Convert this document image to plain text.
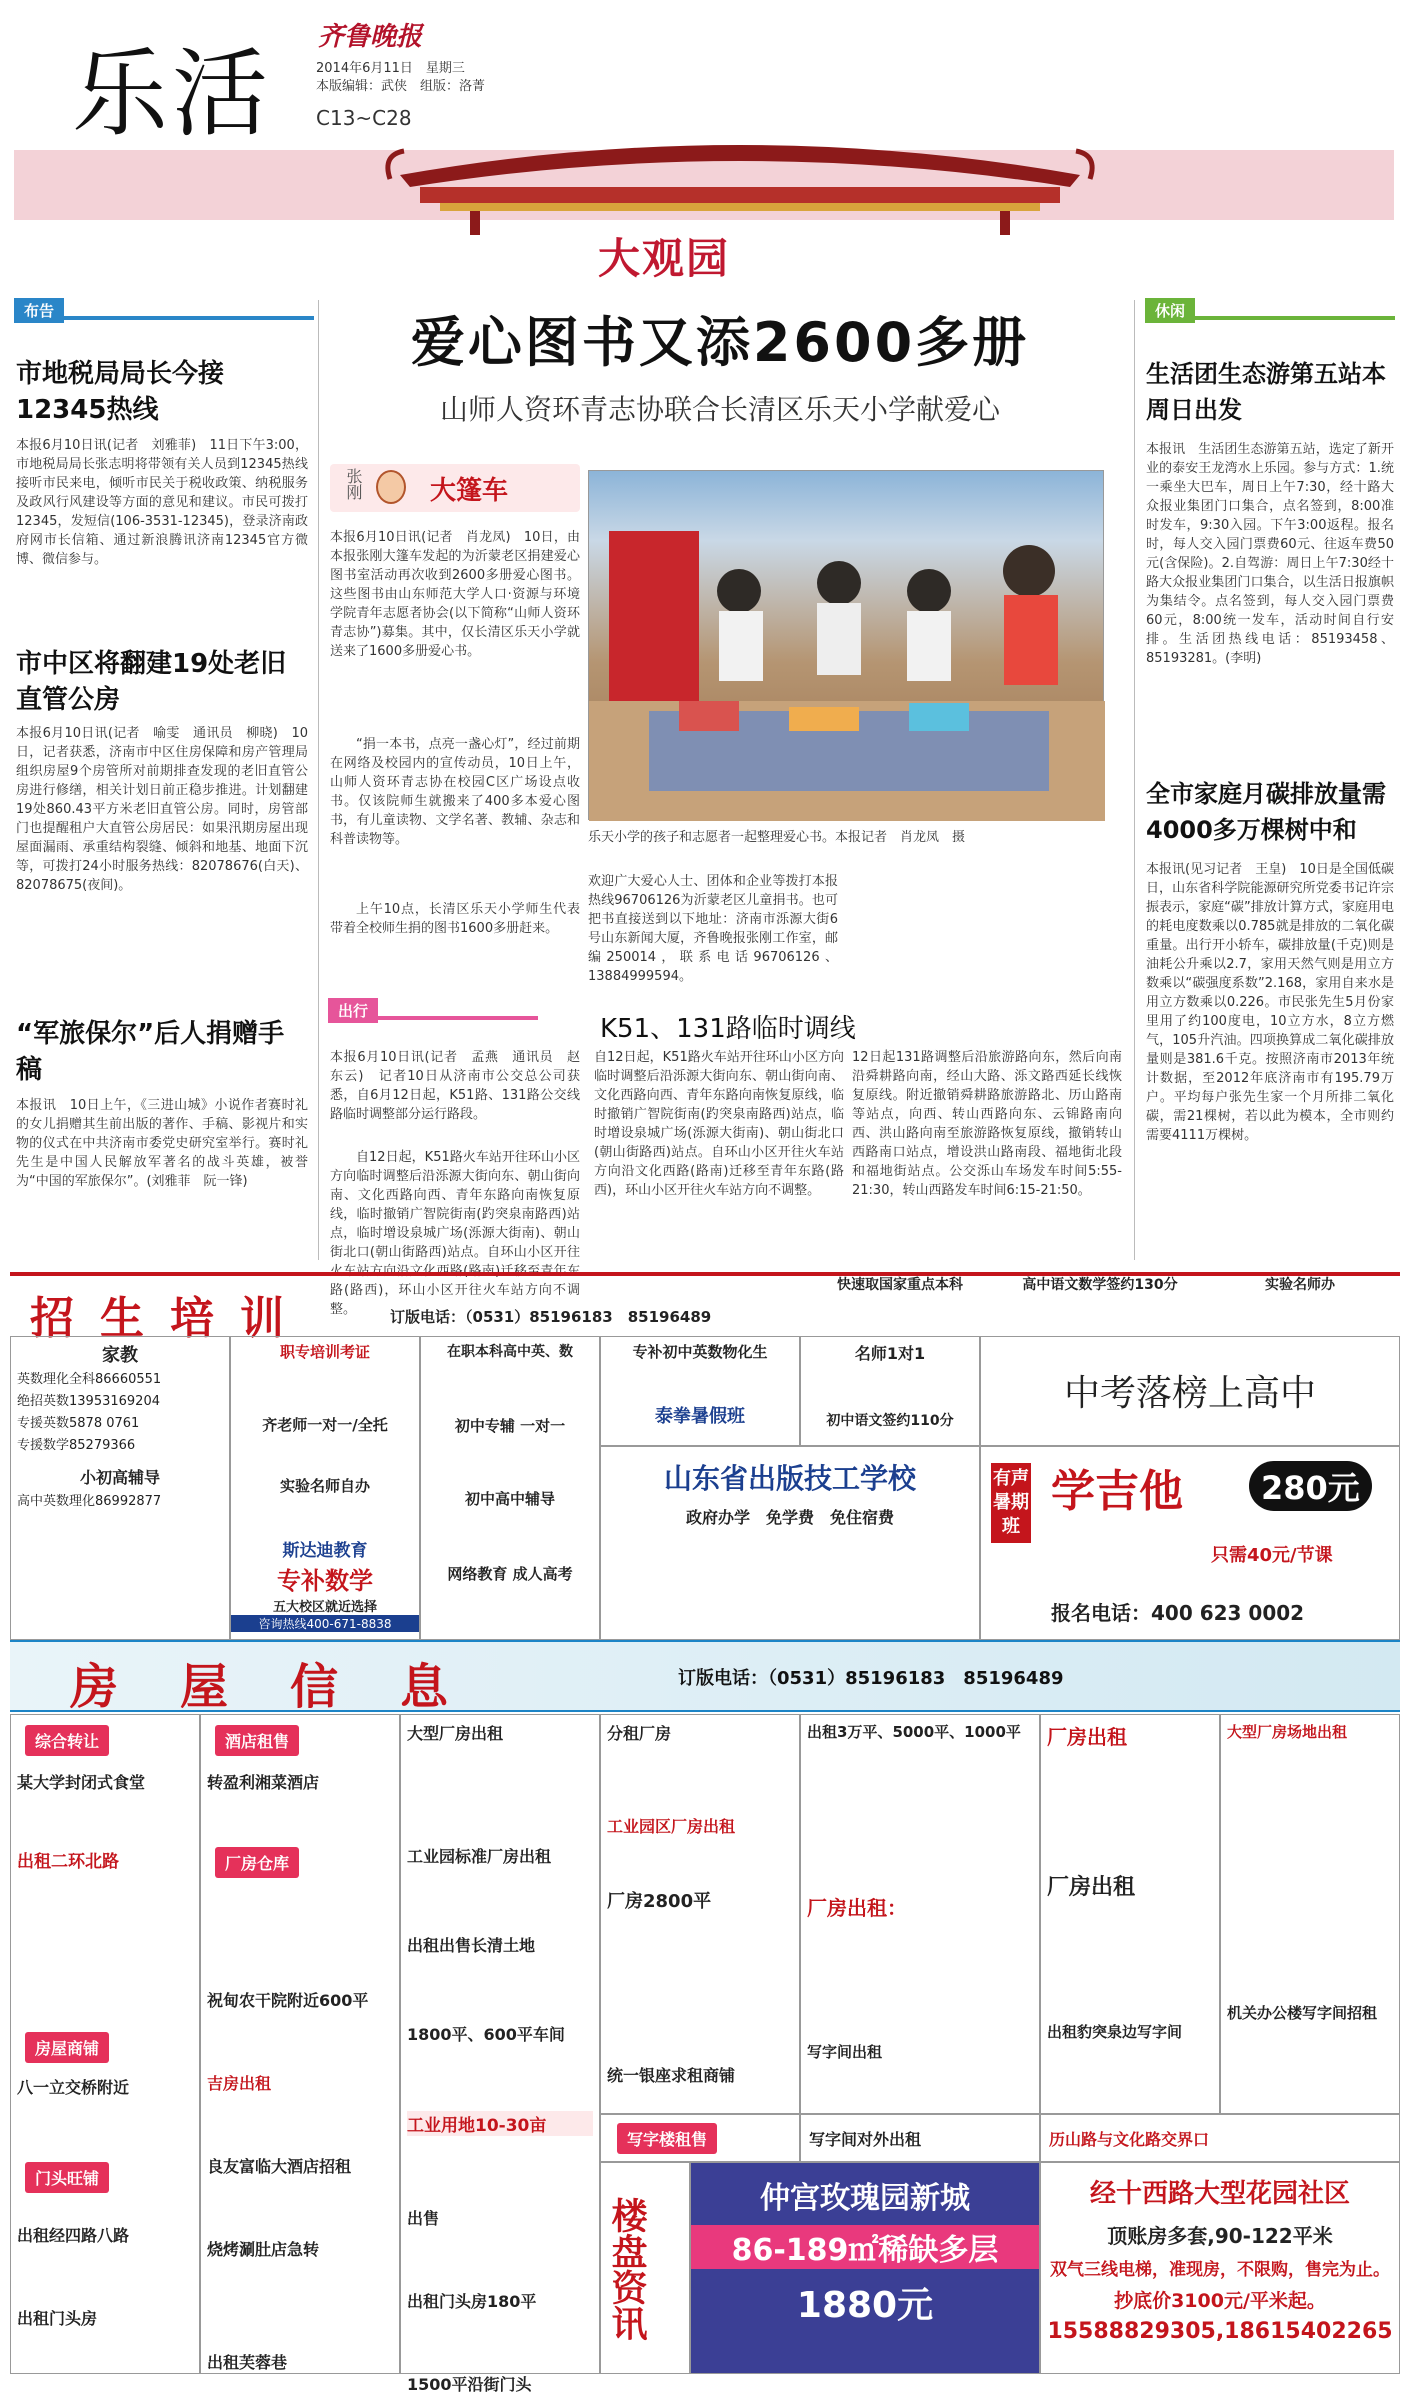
乐活
齐鲁晚报
2014年6月11日　星期三
本版编辑：武侠　组版：洛菁
C13~C28
大观园
布告
市地税局局长今接12345热线
本报6月10日讯(记者　刘雅菲)　11日下午3:00，市地税局局长张志明将带领有关人员到12345热线接听市民来电，倾听市民关于税收政策、纳税服务及政风行风建设等方面的意见和建议。市民可拨打12345，发短信(106-3531-12345)，登录济南政府网市长信箱、通过新浪腾讯济南12345官方微博、微信参与。
市中区将翻建19处老旧直管公房
本报6月10日讯(记者　喻雯　通讯员　柳晓)　10日，记者获悉，济南市中区住房保障和房产管理局组织房屋9个房管所对前期排查发现的老旧直管公房进行修缮，相关计划日前正稳步推进。计划翻建19处860.43平方米老旧直管公房。同时，房管部门也提醒租户大直管公房居民：如果汛期房屋出现屋面漏雨、承重结构裂缝、倾斜和地基、地面下沉等，可拨打24小时服务热线：82078676(白天)、82078675(夜间)。
“军旅保尔”后人捐赠手稿
本报讯　10日上午，《三进山城》小说作者赛时礼的女儿捐赠其生前出版的著作、手稿、影视片和实物的仪式在中共济南市委党史研究室举行。赛时礼先生是中国人民解放军著名的战斗英雄，被誉为“中国的军旅保尔”。(刘雅菲　阮一锋)
爱心图书又添2600多册
山师人资环青志协联合长清区乐天小学献爱心
张刚	大篷车
本报6月10日讯(记者　肖龙凤)　10日，由本报张刚大篷车发起的为沂蒙老区捐建爱心图书室活动再次收到2600多册爱心图书。这些图书由山东师范大学人口·资源与环境学院青年志愿者协会(以下简称“山师人资环青志协”)募集。其中，仅长清区乐天小学就送来了1600多册爱心书。
“捐一本书，点亮一盏心灯”，经过前期在网络及校园内的宣传动员，10日上午，山师人资环青志协在校园C区广场设点收书。仅该院师生就搬来了400多本爱心图书，有儿童读物、文学名著、教辅、杂志和科普读物等。
上午10点，长清区乐天小学师生代表带着全校师生捐的图书1600多册赶来。
乐天小学的孩子和志愿者一起整理爱心书。本报记者　肖龙凤　摄
欢迎广大爱心人士、团体和企业等拨打本报热线96706126为沂蒙老区儿童捐书。也可把书直接送到以下地址：济南市泺源大街6号山东新闻大厦，齐鲁晚报张刚工作室，邮编250014，联系电话96706126、13884999594。
出行
K51、131路临时调线
本报6月10日讯(记者　孟燕　通讯员　赵东云)　记者10日从济南市公交总公司获悉，自6月12日起，K51路、131路公交线路临时调整部分运行路段。
自12日起，K51路火车站开往环山小区方向临时调整后沿泺源大街向东、朝山街向南、文化西路向西、青年东路向南恢复原线，临时撤销广智院街南(趵突泉南路西)站点，临时增设泉城广场(泺源大街南)、朝山街北口(朝山街路西)站点。自环山小区开往 路(路西)，环山小区开往火车站方向不调整。
自12日起，K51路火车站开往环山小区方向临时调整后沿泺源大街向东、朝山街向南、文化西路向西、青年东路向南恢复原线，临时撤销广智院街南(趵突泉南路西)站点，临时增设泉城广场(泺源大街南)、朝山街北口(朝山街路西)站点。自环山小区开往火车站方向沿文化西路(路南)迁移至青年东路(路西)，环山小区开往火车站方向不调整。
12日起131路调整后沿旅游路向东，然后向南沿舜耕路向南，经山大路、泺文路西延长线恢复原线。附近撤销舜耕路旅游路北、历山路南等站点，向西、转山西路向东、云锦路南向西、洪山路向南至旅游路恢复原线，撤销转山西路南口站点，增设洪山路南段、福地街北段和福地街站点。公交泺山车场发车时间5:55-21:30，转山西路发车时间6:15-21:50。
休闲
生活团生态游第五站本周日出发
本报讯　生活团生态游第五站，选定了新开业的泰安王龙湾水上乐园。参与方式：1.统一乘坐大巴车，周日上午7:30，经十路大众报业集团门口集合，点名签到，8:00准时发车，9:30入园。下午3:00返程。报名时，每人交入园门票费60元、往返车费50元(含保险)。2.自驾游：周日上午7:30经十路大众报业集团门口集合，以生活日报旗帜为集结令。点名签到，每人交入园门票费60元，8:00统一发车，活动时间自行安排。生活团热线电话：85193458、85193281。(李明)
全市家庭月碳排放量需4000多万棵树中和
本报讯(见习记者　王皇)　10日是全国低碳日，山东省科学院能源研究所党委书记许宗振表示，家庭“碳”排放计算方式，家庭用电的耗电度数乘以0.785就是排放的二氧化碳重量。出行开小轿车，碳排放量(千克)则是油耗公升乘以2.7，家用天然气则是用立方数乘以“碳强度系数”2.168，家用自来水是用立方数乘以0.226。市民张先生5月份家里用了约100度电，10立方水，8立方燃气，105升汽油。四项换算成二氧化碳排放量则是381.6千克。按照济南市2013年统计数据，至2012年底济南市有195.79万户。平均每户张先生家一个月所排二氧化碳，需21棵树，若以此为模本，全市则约需要4111万棵树。
招生培训	订版电话：（0531）85196183　85196489
家教
英数理化全科86660551
绝招英数13953169204
专援英数5878 0761
专援数学85279366
小初高辅导
高中英数理化86992877
职专培训考证
齐老师一对一/全托
实验名师自办
斯达迪教育
专补数学
五大校区就近选择
咨询热线400-671-8838
在职本科高中英、数
初中专辅 一对一
初中高中辅导
网络教育 成人高考
专补初中英数物化生
泰拳暑假班
名师1对1
初中语文签约110分
山东省出版技工学校
政府办学　免学费　免住宿费
快速取国家重点本科	高中语文数学签约130分	实验名师办
中考落榜上高中
有声暑期班
学吉他	280元
只需40元/节课
报名电话：400 623 0002
房屋信息	订版电话：（0531）85196183　85196489
综合转让
某大学封闭式食堂
出租二环北路
房屋商铺
八一立交桥附近
门头旺铺
出租经四路八路
出租门头房
酒店租售
转盈利湘菜酒店
厂房仓库
祝甸农干院附近600平
吉房出租
良友富临大酒店招租
烧烤涮肚店急转
出租芙蓉巷
大型厂房出租
工业园标准厂房出租
出租出售长清土地
1800平、600平车间
工业用地10-30亩
出售
出租门头房180平
1500平沿街门头
分租厂房
工业园区厂房出租
厂房2800平
统一银座求租商铺
出租3万平、5000平、1000平
厂房出租：
写字间出租
厂房出租
厂房出租
出租豹突泉边写字间
大型厂房场地出租
机关办公楼写字间招租
写字楼租售	写字间对外出租	历山路与文化路交界口
楼盘资讯	仲宫玫瑰园新城
86-189㎡稀缺多层
1880元
经十西路大型花园社区
顶账房多套,90-122平米
双气三线电梯，准现房，不限购，售完为止。
抄底价3100元/平米起。
15588829305,18615402265
